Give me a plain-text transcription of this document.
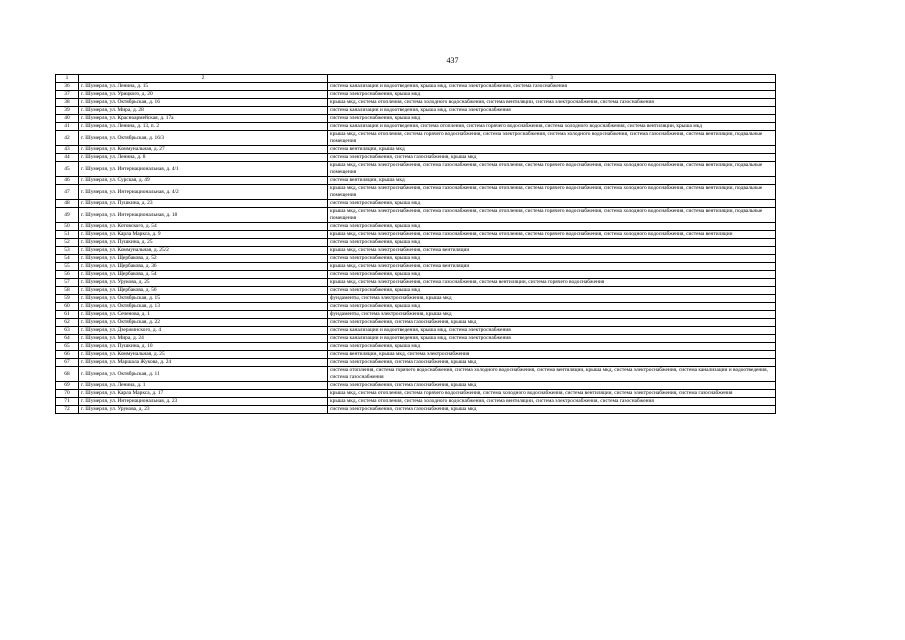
437
1	2	3
36	г. Шумерля, ул. Ленина, д. 15	система канализации и водоотведения, крыша мкд, система электроснабжения, система газоснабжения
37	г. Шумерля, ул. Урицкого, д. 20	система электроснабжения, крыша мкд
38	г. Шумерля, ул. Октябрьская, д. 16	крыша мкд, система отопления, система холодного водоснабжения, система вентиляции, система электроснабжения, система газоснабжения
39	г. Шумерля, ул. Мира, д. 28	система канализации и водоотведения, крыша мкд, система электроснабжения
40	г. Шумерля, ул. Красноармейская, д. 17а	система электроснабжения, крыша мкд
41	г. Шумерля, ул. Ленина, д. 13, п. 2	система канализации и водоотведения, система отопления, система горячего водоснабжения, система холодного водоснабжения, система вентиляции, крыша мкд
42	г. Шумерля, ул. Октябрьская, д. 16/3	крыша мкд, система отопления, система горячего водоснабжения, система электроснабжения, система холодного водоснабжения, система газоснабжения, система вентиляции, подвальные помещения
43	г. Шумерля, ул. Коммунальная, д. 27	система вентиляции, крыша мкд
44	г. Шумерля, ул. Ленина, д. 8	система электроснабжения, система газоснабжения, крыша мкд
45	г. Шумерля, ул. Интернациональная, д. 4/1	крыша мкд, система электроснабжения, система газоснабжения, система отопления, система горячего водоснабжения, система холодного водоснабжения, система вентиляции, подвальные помещения
46	г. Шумерля, ул. Сурская, д. 49	система вентиляции, крыша мкд
47	г. Шумерля, ул. Интернациональная, д. 4/2	крыша мкд, система электроснабжения, система газоснабжения, система отопления, система горячего водоснабжения, система холодного водоснабжения, система вентиляции, подвальные помещения
48	г. Шумерля, ул. Пушкина, д. 23	система электроснабжения, крыша мкд
49	г. Шумерля, ул. Интернациональная, д. 18	крыша мкд, система электроснабжения, система газоснабжения, система отопления, система горячего водоснабжения, система холодного водоснабжения, система вентиляции, подвальные помещения
50	г. Шумерля, ул. Котовского, д. 54	система электроснабжения, крыша мкд
51	г. Шумерля, ул. Карла Маркса, д. 9	крыша мкд, система электроснабжения, система газоснабжения, система отопления, система горячего водоснабжения, система холодного водоснабжения, система вентиляции
52	г. Шумерля, ул. Пушкина, д. 25	система электроснабжения, крыша мкд
53	г. Шумерля, ул. Коммунальная, д. 25/2	крыша мкд, система электроснабжения, система вентиляции
54	г. Шумерля, ул. Щербакова, д. 52	система электроснабжения, крыша мкд
55	г. Шумерля, ул. Щербакова, д. 36	крыша мкд, система электроснабжения, система вентиляции
56	г. Шумерля, ул. Щербакова, д. 54	система электроснабжения, крыша мкд
57	г. Шумерля, ул. Урукова, д. 25	крыша мкд, система электроснабжения, система газоснабжения, система вентиляции, система горячего водоснабжения
58	г. Шумерля, ул. Щербакова, д. 56	система электроснабжения, крыша мкд
59	г. Шумерля, ул. Октябрьская, д. 15	фундаменты, система электроснабжения, крыша мкд
60	г. Шумерля, ул. Октябрьская, д. 13	система электроснабжения, крыша мкд
61	г. Шумерля, ул. Сеченова, д. 1	фундаменты, система электроснабжения, крыша мкд
62	г. Шумерля, ул. Октябрьская, д. 22	система электроснабжения, система газоснабжения, крыша мкд
63	г. Шумерля, ул. Дзержинского, д. 4	система канализации и водоотведения, крыша мкд, система электроснабжения
64	г. Шумерля, ул. Мира, д. 24	система канализации и водоотведения, крыша мкд, система электроснабжения
65	г. Шумерля, ул. Пушкина, д. 10	система электроснабжения, крыша мкд
66	г. Шумерля, ул. Коммунальная, д. 25	система вентиляции, крыша мкд, система электроснабжения
67	г. Шумерля, ул. Маршала Жукова, д. 24	система электроснабжения, система газоснабжения, крыша мкд
68	г. Шумерля, ул. Октябрьская, д. 11	система отопления, система горячего водоснабжения, система холодного водоснабжения, система вентиляции, крыша мкд, система электроснабжения, система канализации и водоотведения, система газоснабжения
69	г. Шумерля, ул. Ленина, д. 1	система электроснабжения, система газоснабжения, крыша мкд
70	г. Шумерля, ул. Карла Маркса, д. 17	крыша мкд, система отопления, система горячего водоснабжения, система холодного водоснабжения, система вентиляции, система электроснабжения, система газоснабжения
71	г. Шумерля, ул. Интернациональная, д. 23	крыша мкд, система отопления, система холодного водоснабжения, система вентиляции, система электроснабжения, система газоснабжения
72	г. Шумерля, ул. Урукова, д. 23	система электроснабжения, система газоснабжения, крыша мкд
